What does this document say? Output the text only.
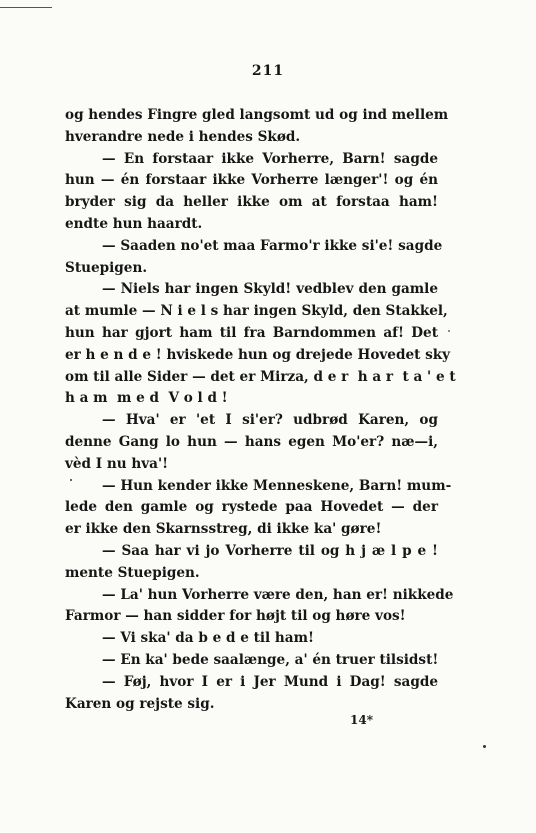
211
og hendes Fingre gled langsomt ud og ind mellem
hverandre nede i hendes Skød.
— En forstaar ikke Vorherre, Barn! sagde
hun — én forstaar ikke Vorherre længer'! og én
bryder sig da heller ikke om at forstaa ham!
endte hun haardt.
— Saaden no'et maa Farmo'r ikke si'e! sagde
Stuepigen.
— Niels har ingen Skyld! vedblev den gamle
at mumle — N i e l s har ingen Skyld, den Stakkel,
hun har gjort ham til fra Barndommen af! Det
er h e n d e ! hviskede hun og drejede Hovedet sky
om til alle Sider — det er Mirza, d e r  h a r  t a ' e t
h a m  m e d  V o l d !
— Hva' er 'et I si'er? udbrød Karen, og
denne Gang lo hun — hans egen Mo'er? næ—i,
vèd I nu hva'!
— Hun kender ikke Menneskene, Barn! mum-
lede den gamle og rystede paa Hovedet — der
er ikke den Skarnsstreg, di ikke ka' gøre!
— Saa har vi jo Vorherre til og h j æ l p e !
mente Stuepigen.
— La' hun Vorherre være den, han er! nikkede
Farmor — han sidder for højt til og høre vos!
— Vi ska' da b e d e til ham!
— En ka' bede saalænge, a' én truer tilsidst!
— Føj, hvor I er i Jer Mund i Dag! sagde
Karen og rejste sig.
14*
